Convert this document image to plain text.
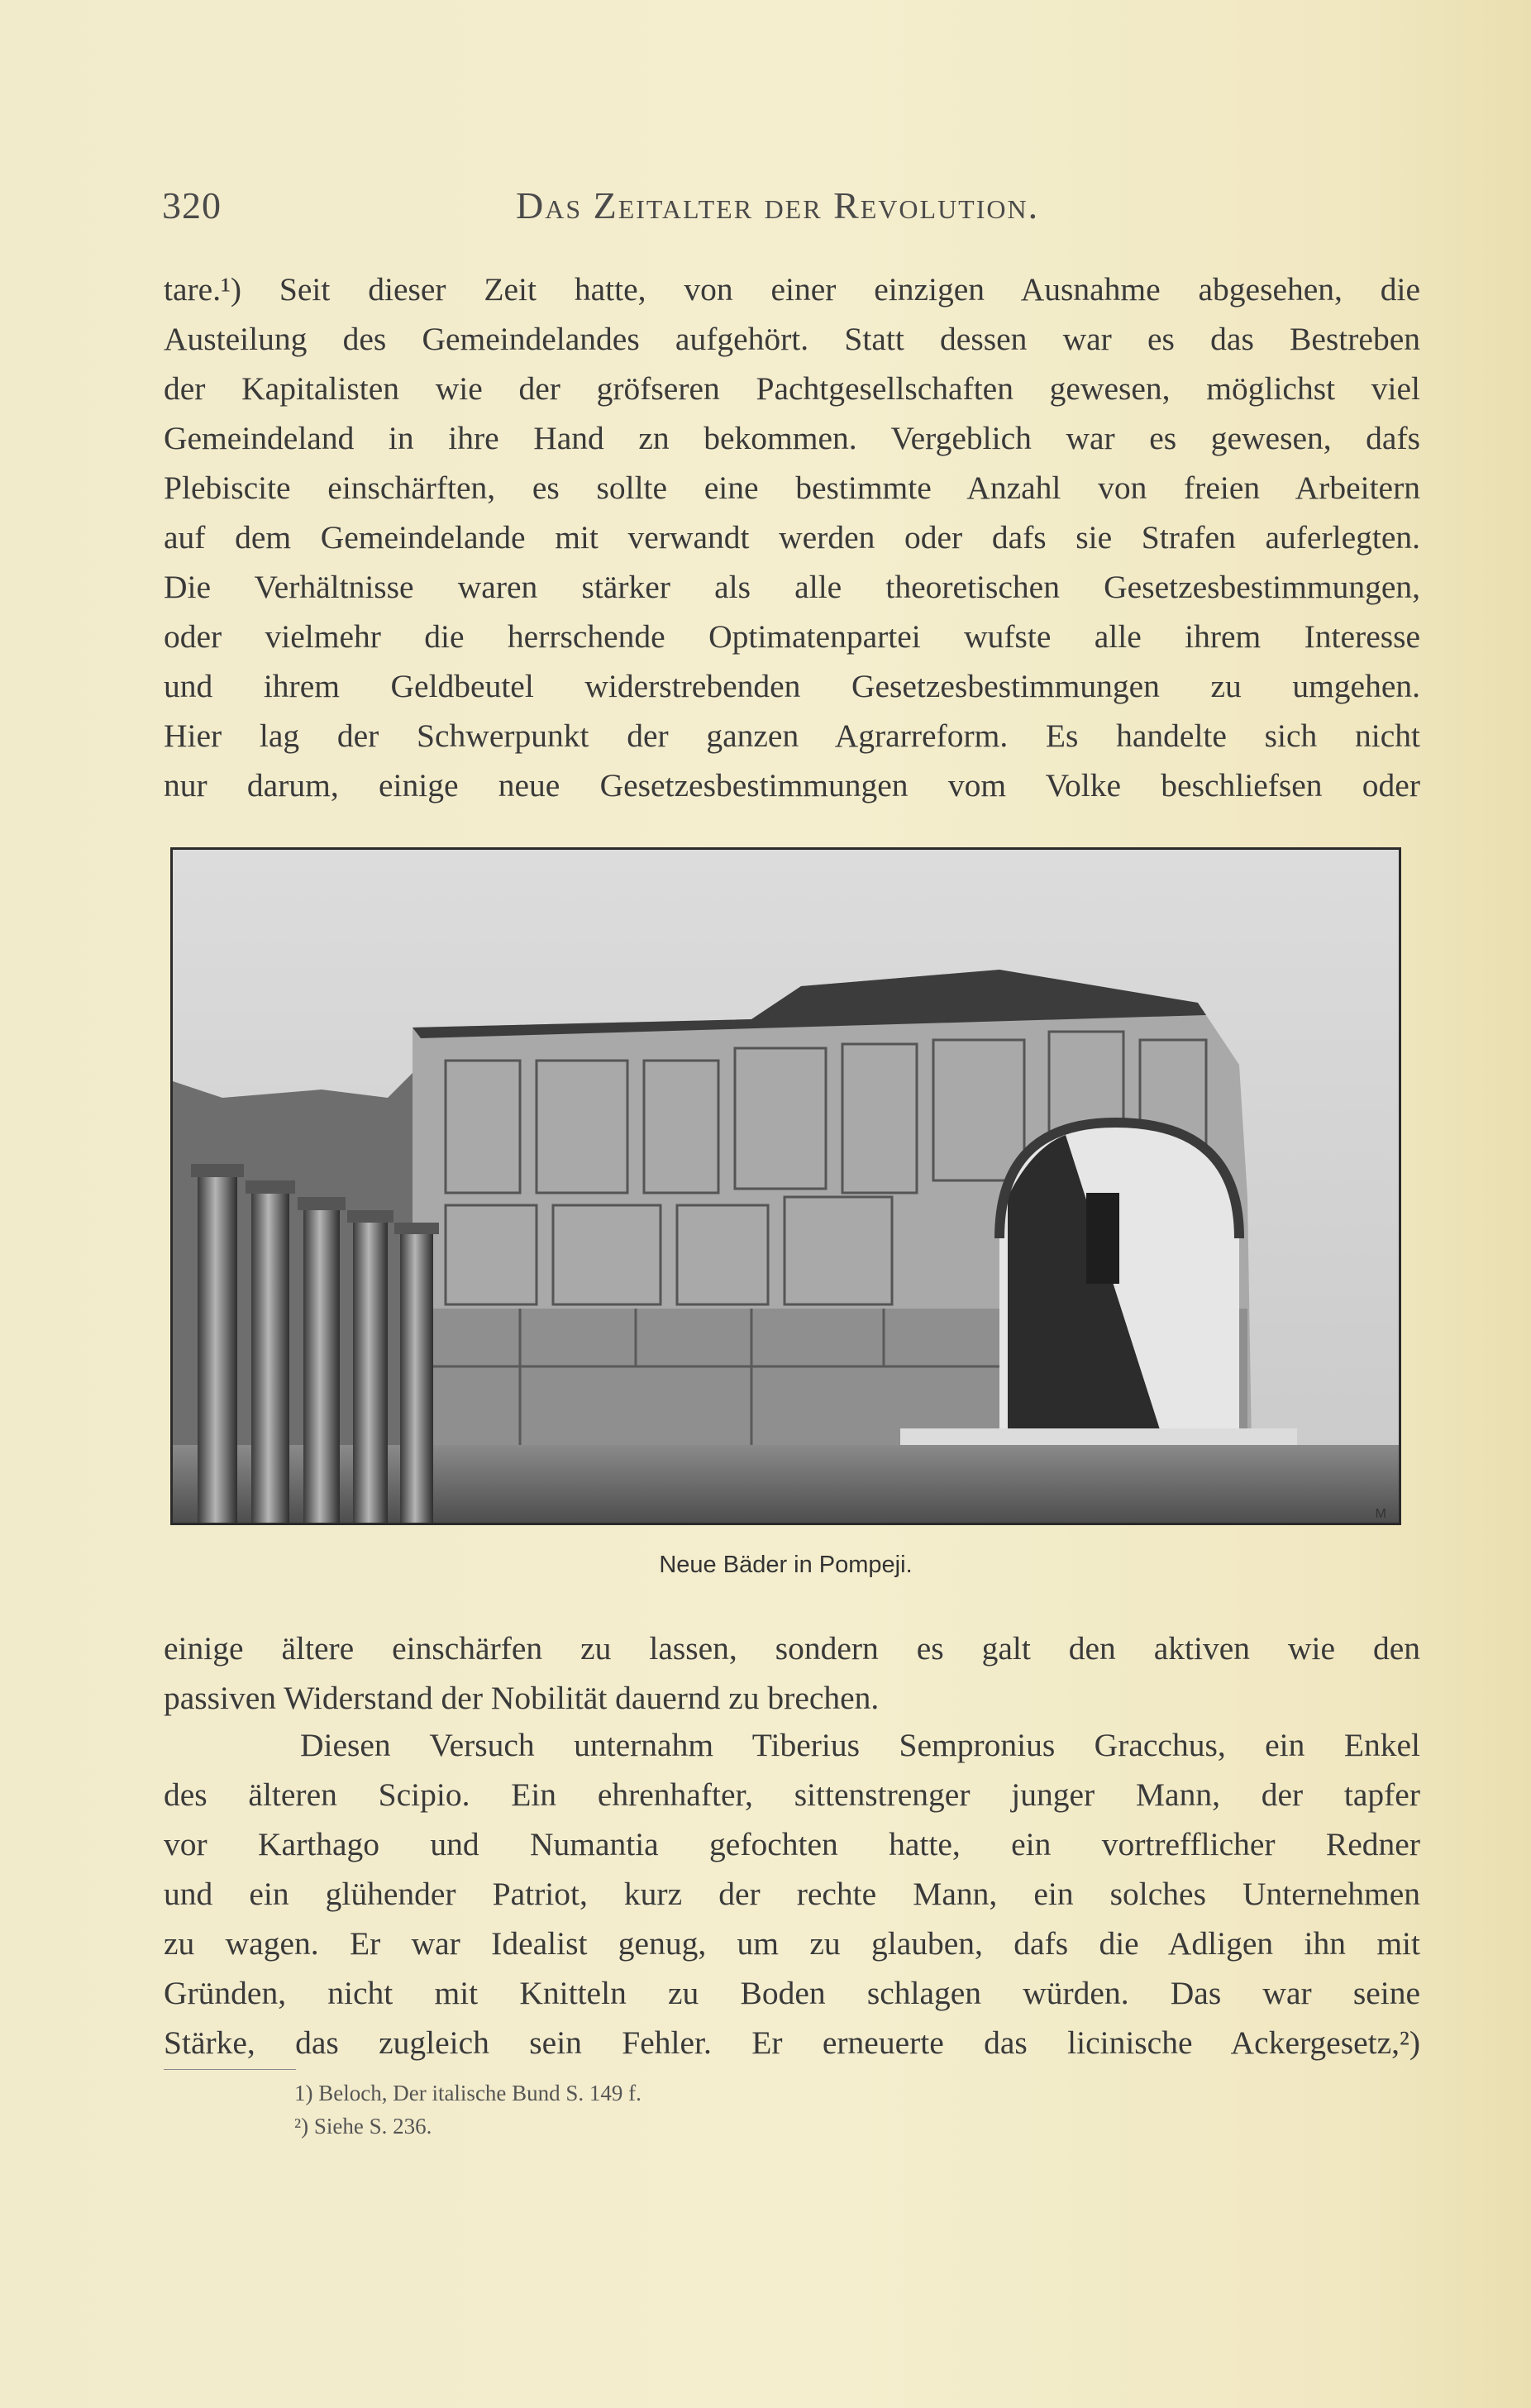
320	Das Zeitalter der Revolution.
tare.¹) Seit dieser Zeit hatte, von einer einzigen Ausnahme abgesehen, die
Austeilung des Gemeindelandes aufgehört. Statt dessen war es das Bestreben
der Kapitalisten wie der gröfseren Pachtgesellschaften gewesen, möglichst viel
Gemeindeland in ihre Hand zn bekommen. Vergeblich war es gewesen, dafs
Plebiscite einschärften, es sollte eine bestimmte Anzahl von freien Arbeitern
auf dem Gemeindelande mit verwandt werden oder dafs sie Strafen auferlegten.
Die Verhältnisse waren stärker als alle theoretischen Gesetzesbestimmungen,
oder vielmehr die herrschende Optimatenpartei wufste alle ihrem Interesse
und ihrem Geldbeutel widerstrebenden Gesetzesbestimmungen zu umgehen.
Hier lag der Schwerpunkt der ganzen Agrarreform. Es handelte sich nicht
nur darum, einige neue Gesetzesbestimmungen vom Volke beschliefsen oder
M
Neue Bäder in Pompeji.
einige ältere einschärfen zu lassen, sondern es galt den aktiven wie den
passiven Widerstand der Nobilität dauernd zu brechen.
Diesen Versuch unternahm Tiberius Sempronius Gracchus, ein Enkel
des älteren Scipio. Ein ehrenhafter, sittenstrenger junger Mann, der tapfer
vor Karthago und Numantia gefochten hatte, ein vortrefflicher Redner
und ein glühender Patriot, kurz der rechte Mann, ein solches Unternehmen
zu wagen. Er war Idealist genug, um zu glauben, dafs die Adligen ihn mit
Gründen, nicht mit Knitteln zu Boden schlagen würden. Das war seine
Stärke, das zugleich sein Fehler. Er erneuerte das licinische Ackergesetz,²)
1) Beloch, Der italische Bund S. 149 f.
²) Siehe S. 236.
